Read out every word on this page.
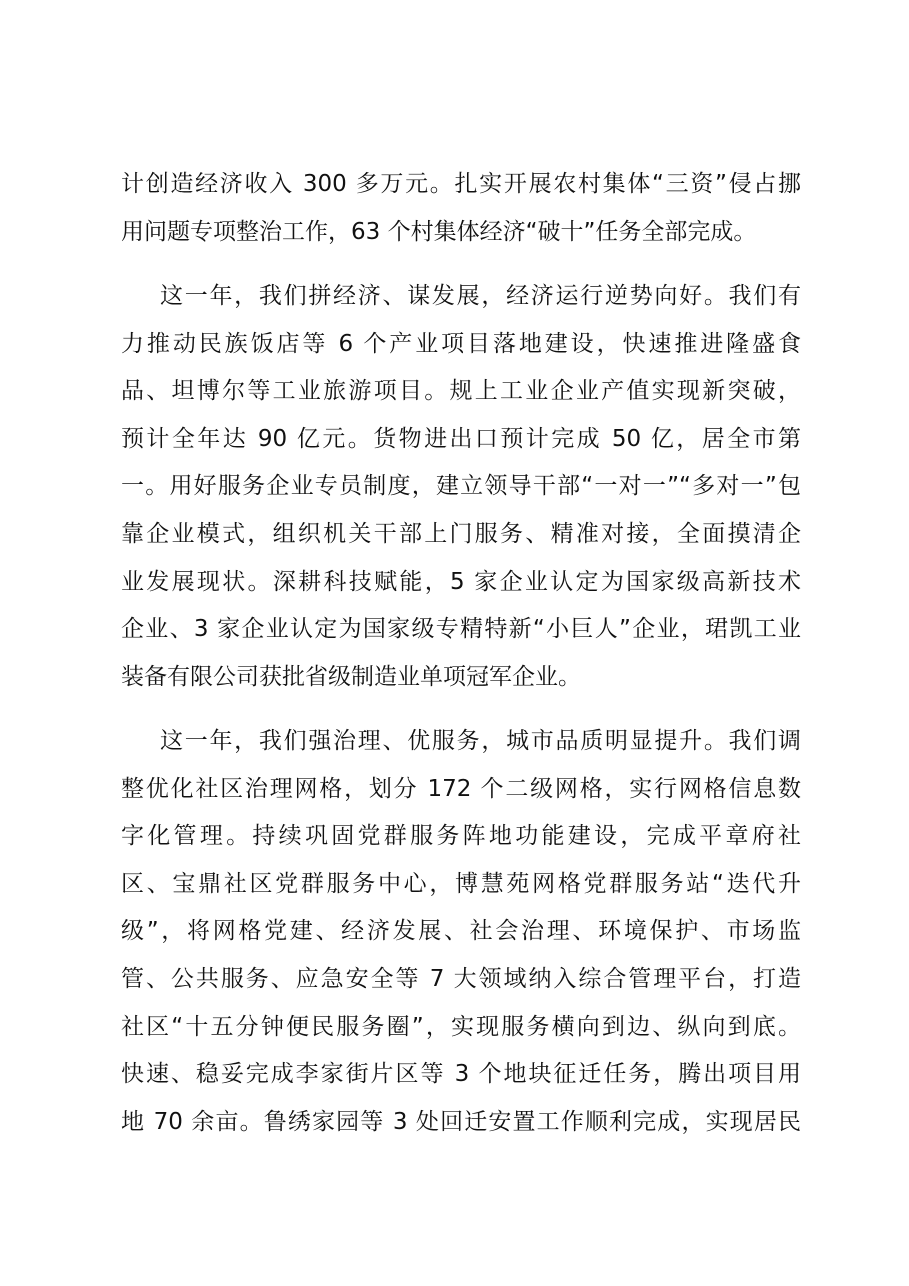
计创造经济收入 300 多万元。扎实开展农村集体“三资”侵占挪
用问题专项整治工作，63 个村集体经济“破十”任务全部完成。
这一年，我们拼经济、谋发展，经济运行逆势向好。我们有
力推动民族饭店等 6 个产业项目落地建设，快速推进隆盛食
品、坦博尔等工业旅游项目。规上工业企业产值实现新突破，
预计全年达 90 亿元。货物进出口预计完成 50 亿，居全市第
一。用好服务企业专员制度，建立领导干部“一对一”“多对一”包
靠企业模式，组织机关干部上门服务、精准对接，全面摸清企
业发展现状。深耕科技赋能，5 家企业认定为国家级高新技术
企业、3 家企业认定为国家级专精特新“小巨人”企业，珺凯工业
装备有限公司获批省级制造业单项冠军企业。
这一年，我们强治理、优服务，城市品质明显提升。我们调
整优化社区治理网格，划分 172 个二级网格，实行网格信息数
字化管理。持续巩固党群服务阵地功能建设，完成平章府社
区、宝鼎社区党群服务中心，博慧苑网格党群服务站“迭代升
级”，将网格党建、经济发展、社会治理、环境保护、市场监
管、公共服务、应急安全等 7 大领域纳入综合管理平台，打造
社区“十五分钟便民服务圈”，实现服务横向到边、纵向到底。
快速、稳妥完成李家街片区等 3 个地块征迁任务，腾出项目用
地 70 余亩。鲁绣家园等 3 处回迁安置工作顺利完成，实现居民
